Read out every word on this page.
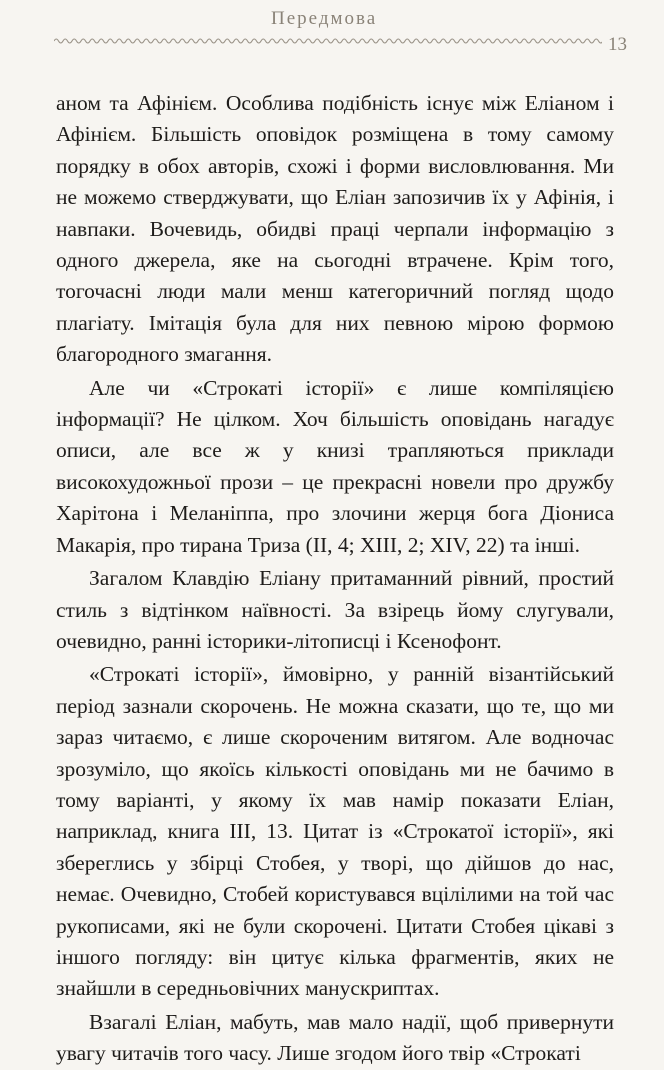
Передмова
13

аном та Афінієм. Особлива подібність існує між Еліаном і Афінієм. Більшість оповідок розміщена в тому самому порядку в обох авторів, схожі і форми висловлювання. Ми не можемо стверджувати, що Еліан запозичив їх у Афінія, і навпаки. Вочевидь, обидві праці черпали інформацію з одного джерела, яке на сьогодні втрачене. Крім того, тогочасні люди мали менш категоричний погляд щодо плагіату. Імітація була для них певною мірою формою благородного змагання.

Але чи «Строкаті історії» є лише компіляцією інформації? Не цілком. Хоч більшість оповідань нагадує описи, але все ж у книзі трапляються приклади високохудожньої прози – це прекрасні новели про дружбу Харітона і Меланіппа, про злочини жерця бога Діониса Макарія, про тирана Триза (II, 4; XIII, 2; XIV, 22) та інші.

Загалом Клавдію Еліану притаманний рівний, простий стиль з відтінком наївності. За взірець йому слугували, очевидно, ранні історики-літописці і Ксенофонт.

«Строкаті історії», ймовірно, у ранній візантійський період зазнали скорочень. Не можна сказати, що те, що ми зараз читаємо, є лише скороченим витягом. Але водночас зрозуміло, що якоїсь кількості оповідань ми не бачимо в тому варіанті, у якому їх мав намір показати Еліан, наприклад, книга III, 13. Цитат із «Строкатої історії», які збереглись у збірці Стобея, у творі, що дійшов до нас, немає. Очевидно, Стобей користувався вцілілими на той час рукописами, які не були скорочені. Цитати Стобея цікаві з іншого погляду: він цитує кілька фрагментів, яких не знайшли в середньовічних манускриптах.

Взагалі Еліан, мабуть, мав мало надії, щоб привернути увагу читачів того часу. Лише згодом його твір «Строкаті
